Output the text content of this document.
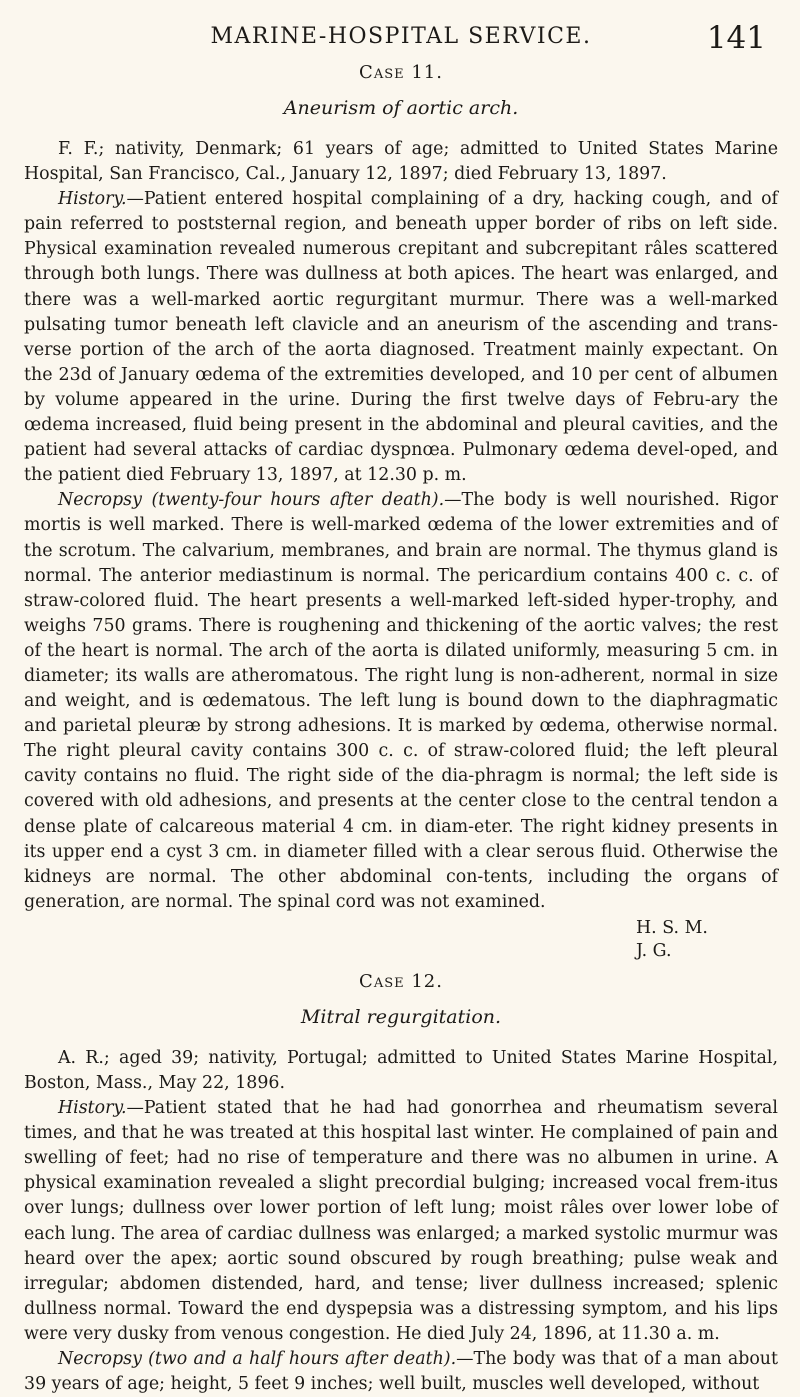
MARINE-HOSPITAL SERVICE.	141
Case 11.
Aneurism of aortic arch.

F. F.; nativity, Denmark; 61 years of age; admitted to United States Marine Hospital, San Francisco, Cal., January 12, 1897; died February 13, 1897.

History.—Patient entered hospital complaining of a dry, hacking cough, and of pain referred to poststernal region, and beneath upper border of ribs on left side. Physical examination revealed numerous crepitant and subcrepitant râles scattered through both lungs. There was dullness at both apices. The heart was enlarged, and there was a well-marked aortic regurgitant murmur. There was a well-marked pulsating tumor beneath left clavicle and an aneurism of the ascending and trans-verse portion of the arch of the aorta diagnosed. Treatment mainly expectant. On the 23d of January œdema of the extremities developed, and 10 per cent of albumen by volume appeared in the urine. During the first twelve days of Febru-ary the œdema increased, fluid being present in the abdominal and pleural cavities, and the patient had several attacks of cardiac dyspnœa. Pulmonary œdema devel-oped, and the patient died February 13, 1897, at 12.30 p. m.

Necropsy (twenty-four hours after death).—The body is well nourished. Rigor mortis is well marked. There is well-marked œdema of the lower extremities and of the scrotum. The calvarium, membranes, and brain are normal. The thymus gland is normal. The anterior mediastinum is normal. The pericardium contains 400 c. c. of straw-colored fluid. The heart presents a well-marked left-sided hyper-trophy, and weighs 750 grams. There is roughening and thickening of the aortic valves; the rest of the heart is normal. The arch of the aorta is dilated uniformly, measuring 5 cm. in diameter; its walls are atheromatous. The right lung is non-adherent, normal in size and weight, and is œdematous. The left lung is bound down to the diaphragmatic and parietal pleuræ by strong adhesions. It is marked by œdema, otherwise normal. The right pleural cavity contains 300 c. c. of straw-colored fluid; the left pleural cavity contains no fluid. The right side of the dia-phragm is normal; the left side is covered with old adhesions, and presents at the center close to the central tendon a dense plate of calcareous material 4 cm. in diam-eter. The right kidney presents in its upper end a cyst 3 cm. in diameter filled with a clear serous fluid. Otherwise the kidneys are normal. The other abdominal con-tents, including the organs of generation, are normal. The spinal cord was not examined.

H. S. M.
J. G.
Case 12.
Mitral regurgitation.

A. R.; aged 39; nativity, Portugal; admitted to United States Marine Hospital, Boston, Mass., May 22, 1896.

History.—Patient stated that he had had gonorrhea and rheumatism several times, and that he was treated at this hospital last winter. He complained of pain and swelling of feet; had no rise of temperature and there was no albumen in urine. A physical examination revealed a slight precordial bulging; increased vocal frem-itus over lungs; dullness over lower portion of left lung; moist râles over lower lobe of each lung. The area of cardiac dullness was enlarged; a marked systolic murmur was heard over the apex; aortic sound obscured by rough breathing; pulse weak and irregular; abdomen distended, hard, and tense; liver dullness increased; splenic dullness normal. Toward the end dyspepsia was a distressing symptom, and his lips were very dusky from venous congestion. He died July 24, 1896, at 11.30 a. m.

Necropsy (two and a half hours after death).—The body was that of a man about 39 years of age; height, 5 feet 9 inches; well built, muscles well developed, without
